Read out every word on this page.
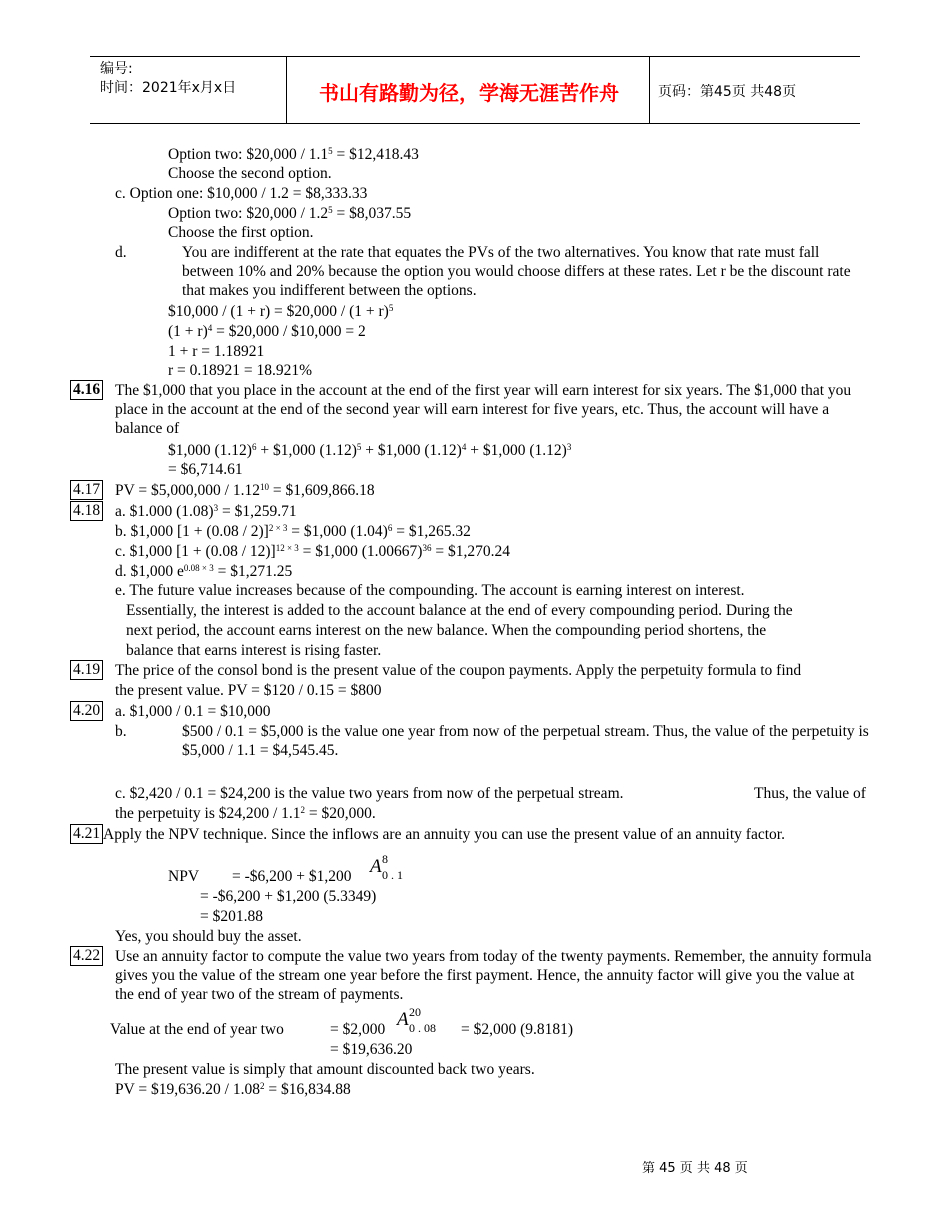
编号:
时间：2021年x月x日	书山有路勤为径，学海无涯苦作舟	页码：第45页 共48页
Option two: $20,000 / $1.1^5$ = $12,418.43
Choose the second option.
c. Option one: $10,000 / 1.2 = $8,333.33
Option two: $20,000 / $1.2^5$ = $8,037.55
Choose the first option.
d.	You are indifferent at the rate that equates the PVs of the two alternatives. You know that rate must fall between 10% and 20% because the option you would choose differs at these rates. Let r be the discount rate that makes you indifferent between the options.
$10,000 / (1 + r) = $20,000 / $(1 + r)^5$
$(1 + r)^4$ = $20,000 / $10,000 = 2
1 + r = 1.18921
r = 0.18921 = 18.921%
4.16 The $1,000 that you place in the account at the end of the first year will earn interest for six years. The $1,000 that you place in the account at the end of the second year will earn interest for five years, etc. Thus, the account will have a balance of
$1,000 $(1.12)^6$ + $1,000 $(1.12)^5$ + $1,000 $(1.12)^4$ + $1,000 $(1.12)^3$
= $6,714.61
4.17 PV = $5,000,000 / $1.12^{10}$ = $1,609,866.18
4.18 a. $1.000 $(1.08)^3$ = $1,259.71
b. $1,000 $[1 + (0.08 / 2)]^{2 \times 3}$ = $1,000 $(1.04)^6$ = $1,265.32
c. $1,000 $[1 + (0.08 / 12)]^{12 \times 3}$ = $1,000 $(1.00667)^{36}$ = $1,270.24
d. $1,000 $e^{0.08 \times 3}$ = $1,271.25
e. The future value increases because of the compounding. The account is earning interest on interest.
Essentially, the interest is added to the account balance at the end of every compounding period. During the
next period, the account earns interest on the new balance. When the compounding period shortens, the
balance that earns interest is rising faster.
4.19 The price of the consol bond is the present value of the coupon payments. Apply the perpetuity formula to find
the present value. PV = $120 / 0.15 = $800
4.20 a. $1,000 / 0.1 = $10,000
b.	$500 / 0.1 = $5,000 is the value one year from now of the perpetual stream. Thus, the value of the perpetuity is $5,000 / 1.1 = $4,545.45.
c. $2,420 / 0.1 = $24,200 is the value two years from now of the perpetual stream.	Thus, the value of
the perpetuity is $24,200 / $1.1^2$ = $20,000.
4.21 Apply the NPV technique. Since the inflows are an annuity you can use the present value of an annuity factor.
NPV = -$6,200 + $1,200 A 8
0 . 1
= -$6,200 + $1,200 (5.3349)
= $201.88
Yes, you should buy the asset.
4.22 Use an annuity factor to compute the value two years from today of the twenty payments. Remember, the annuity formula gives you the value of the stream one year before the first payment. Hence, the annuity factor will give you the value at the end of year two of the stream of payments.
Value at the end of year two	= $2,000 A 20
0 . 08 = $2,000 (9.8181)
= $19,636.20
The present value is simply that amount discounted back two years.
PV = $19,636.20 / $1.08^2$ = $16,834.88
第 45 页 共 48 页
